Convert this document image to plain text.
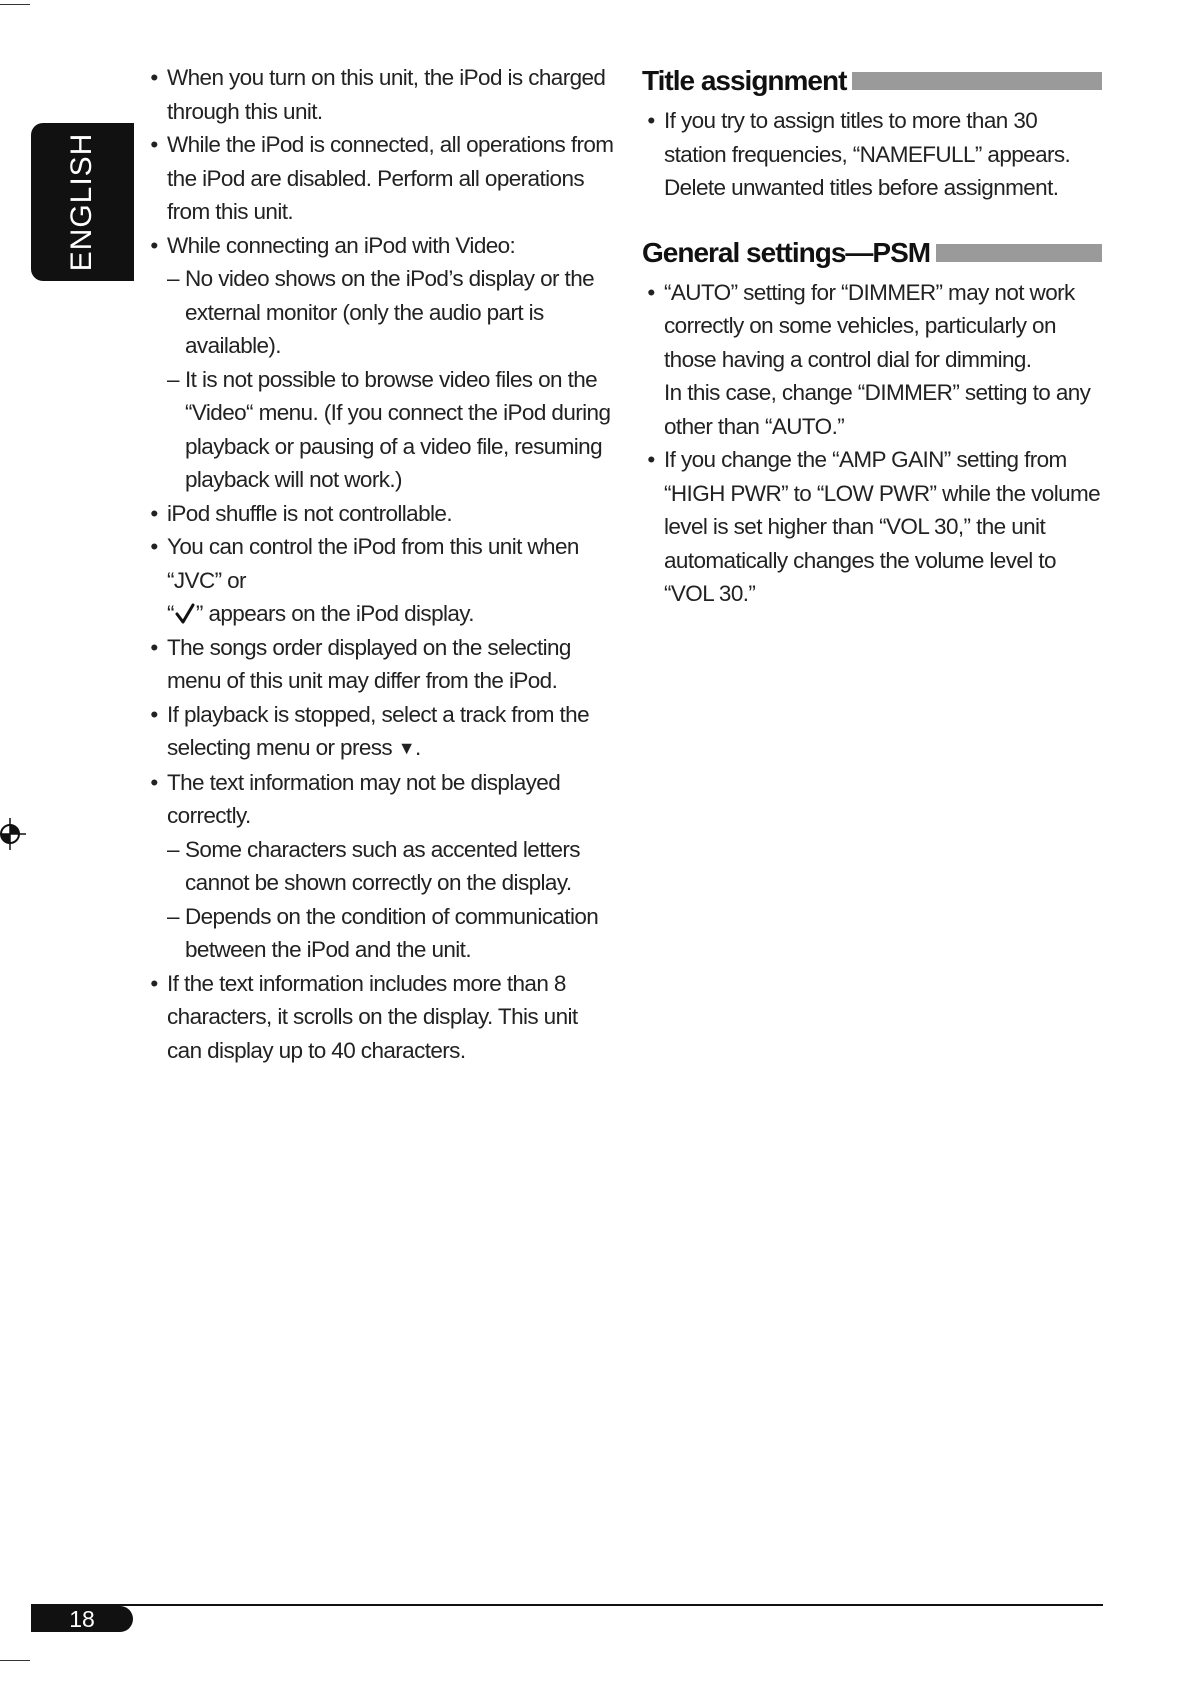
ENGLISH
• When you turn on this unit, the iPod is charged through this unit.
• While the iPod is connected, all operations from the iPod are disabled. Perform all operations from this unit.
• While connecting an iPod with Video:
– No video shows on the iPod’s display or the external monitor (only the audio part is available).
– It is not possible to browse video files on the “Video“ menu. (If you connect the iPod during playback or pausing of a video file, resuming playback will not work.)
• iPod shuffle is not controllable.
• You can control the iPod from this unit when “JVC” or
“ ” appears on the iPod display.
• The songs order displayed on the selecting menu of this unit may differ from the iPod.
• If playback is stopped, select a track from the selecting menu or press ▼.
• The text information may not be displayed correctly.
– Some characters such as accented letters cannot be shown correctly on the display.
– Depends on the condition of communication between the iPod and the unit.
• If the text information includes more than 8 characters, it scrolls on the display. This unit can display up to 40 characters.
Title assignment
• If you try to assign titles to more than 30 station frequencies, “NAMEFULL” appears. Delete unwanted titles before assignment.
General settings—PSM
• “AUTO” setting for “DIMMER” may not work correctly on some vehicles, particularly on those having a control dial for dimming.
In this case, change “DIMMER” setting to any other than “AUTO.”
• If you change the “AMP GAIN” setting from “HIGH PWR” to “LOW PWR” while the volume level is set higher than “VOL 30,” the unit automatically changes the volume level to “VOL 30.”
18
